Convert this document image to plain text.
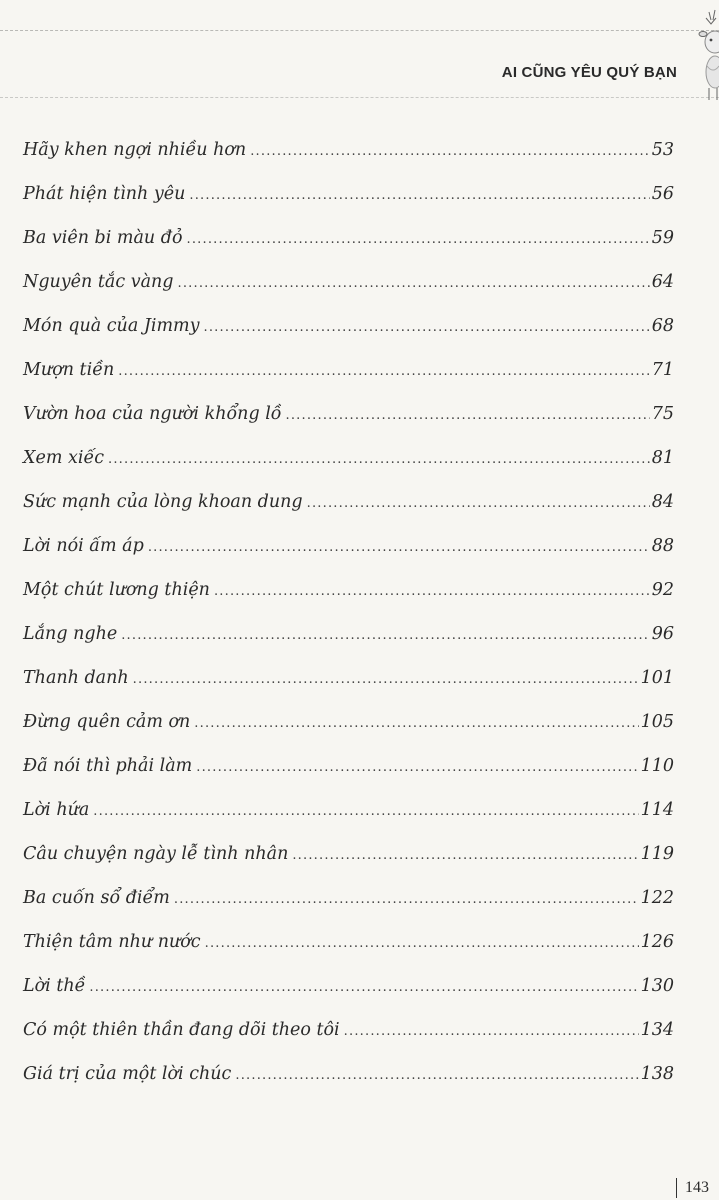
AI CŨNG YÊU QUÝ BẠN
Hãy khen ngợi nhiều hơn .....	53
Phát hiện tình yêu .....	56
Ba viên bi màu đỏ .....	59
Nguyên tắc vàng .....	64
Món quà của Jimmy .....	68
Mượn tiền .....	71
Vườn hoa của người khổng lồ .....	75
Xem xiếc .....	81
Sức mạnh của lòng khoan dung .....	84
Lời nói ấm áp .....	88
Một chút lương thiện .....	92
Lắng nghe .....	96
Thanh danh .....	101
Đừng quên cảm ơn .....	105
Đã nói thì phải làm .....	110
Lời hứa .....	114
Câu chuyện ngày lễ tình nhân .....	119
Ba cuốn sổ điểm .....	122
Thiện tâm như nước .....	126
Lời thề .....	130
Có một thiên thần đang dõi theo tôi .....	134
Giá trị của một lời chúc .....	138
143
